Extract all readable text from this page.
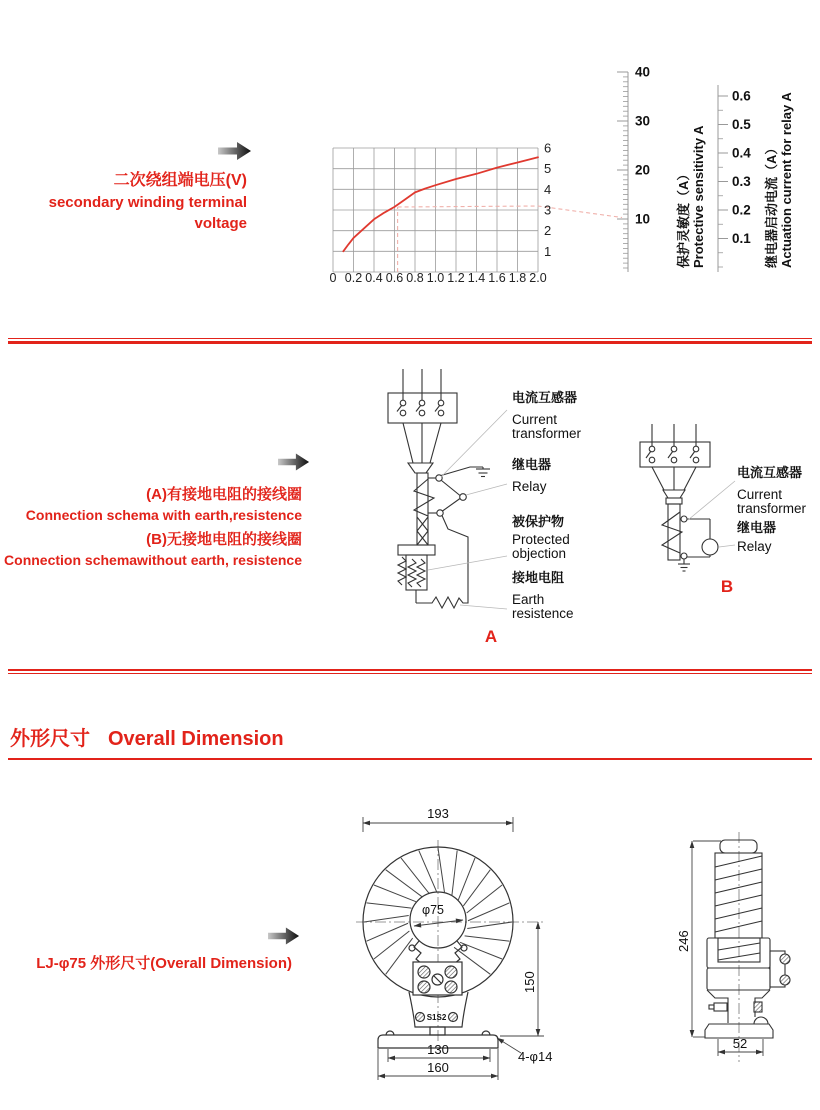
二次绕组端电压(V)
secondary winding terminal voltage
6
5
4
3
2
1
0 0.2 0.4 0.6 0.8 1.0 1.2 1.4 1.6 1.8 2.0
40
30
20
10 保护灵敏度（A） Protective sensitivity A
0.6
0.5
0.4
0.3
0.2
0.1 继电器启动电流（A） Actuation current for relay A
(A)有接地电阻的接线圈
Connection schema with earth,resistence
(B)无接地电阻的接线圈
Connection schemawithout earth, resistence
电流互感器
Current
transformer
继电器
Relay
被保护物
Protected
objection
接地电阻
Earth
resistence
A
电流互感器
Current
transformer
继电器
Relay
B
外形尺寸 Overall Dimension
LJ-φ75 外形尺寸(Overall Dimension)
193
φ75
150
130
160
4-φ14
S1S2
246
52
